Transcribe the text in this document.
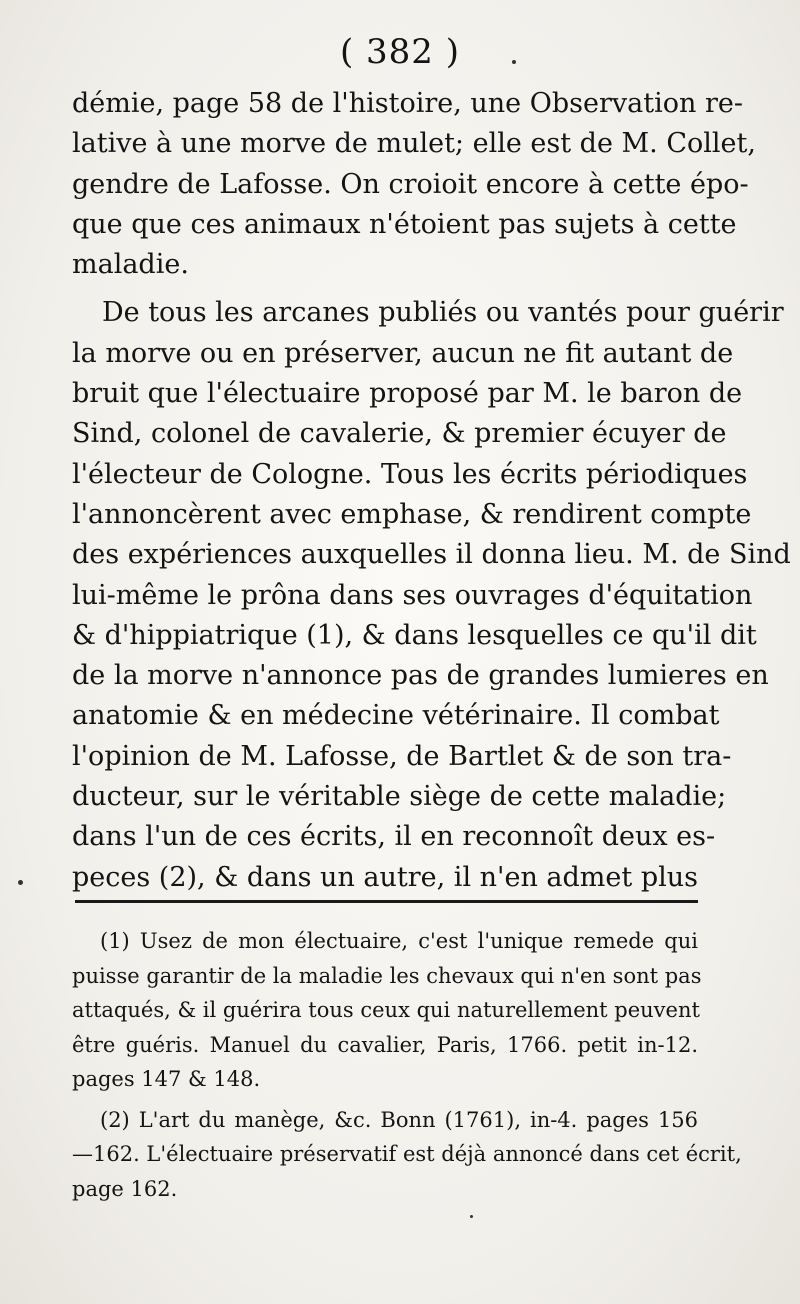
( 382 )
démie, page 58 de l'histoire, une Observation re-
lative à une morve de mulet; elle est de M. Collet,
gendre de Lafosse. On croioit encore à cette épo-
que que ces animaux n'étoient pas sujets à cette
maladie.
De tous les arcanes publiés ou vantés pour guérir
la morve ou en préserver, aucun ne fit autant de
bruit que l'électuaire proposé par M. le baron de
Sind, colonel de cavalerie, & premier écuyer de
l'électeur de Cologne. Tous les écrits périodiques
l'annoncèrent avec emphase, & rendirent compte
des expériences auxquelles il donna lieu. M. de Sind
lui-même le prôna dans ses ouvrages d'équitation
& d'hippiatrique (1), & dans lesquelles ce qu'il dit
de la morve n'annonce pas de grandes lumieres en
anatomie & en médecine vétérinaire. Il combat
l'opinion de M. Lafosse, de Bartlet & de son tra-
ducteur, sur le véritable siège de cette maladie;
dans l'un de ces écrits, il en reconnoît deux es-
peces (2), & dans un autre, il n'en admet plus
(1) Usez de mon électuaire, c'est l'unique remede qui
puisse garantir de la maladie les chevaux qui n'en sont pas
attaqués, & il guérira tous ceux qui naturellement peuvent
être guéris. Manuel du cavalier, Paris, 1766. petit in-12.
pages 147 & 148.
(2) L'art du manège, &c. Bonn (1761), in-4. pages 156
—162. L'électuaire préservatif est déjà annoncé dans cet écrit,
page 162.
